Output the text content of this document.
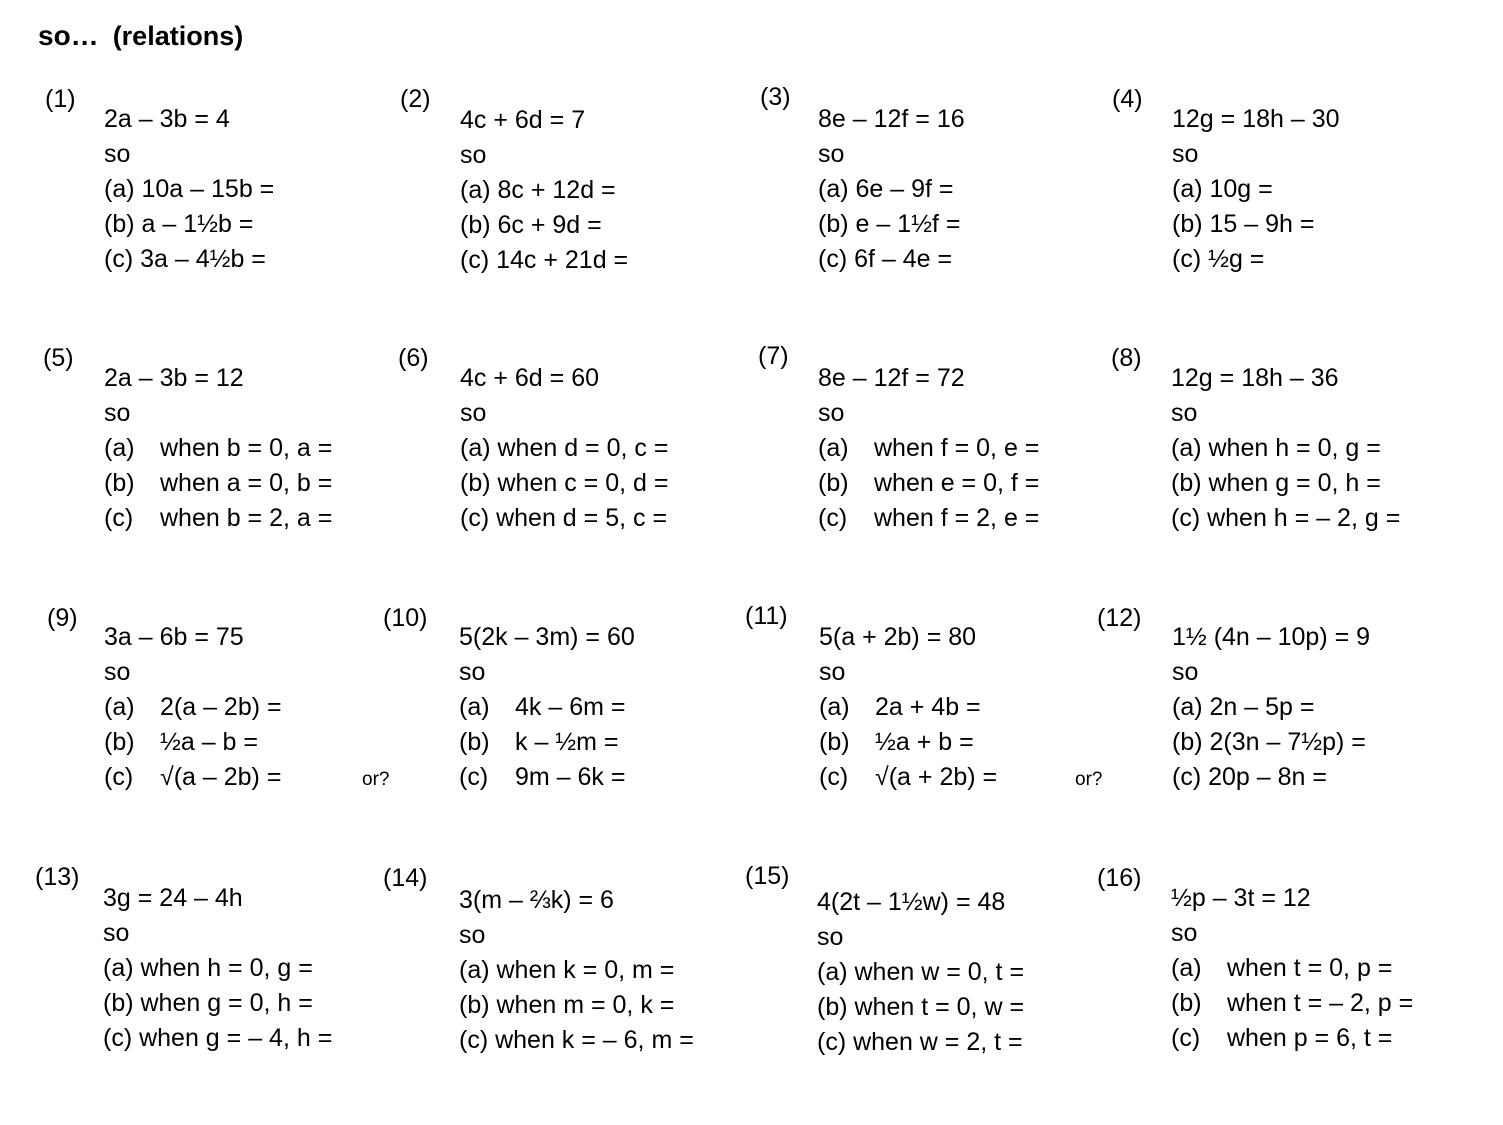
so… (relations)
(1)
2a – 3b = 4
so
(a) 10a – 15b =
(b) a – 1½b =
(c) 3a – 4½b =
(2)
4c + 6d = 7
so
(a) 8c + 12d =
(b) 6c + 9d =
(c) 14c + 21d =
(3)
8e – 12f = 16
so
(a) 6e – 9f =
(b) e – 1½f =
(c) 6f – 4e =
(4)
12g = 18h – 30
so
(a) 10g =
(b) 15 – 9h =
(c) ½g =
(5)
2a – 3b = 12
so
(a) when b = 0, a =
(b) when a = 0, b =
(c) when b = 2, a =
(6)
4c + 6d = 60
so
(a) when d = 0, c =
(b) when c = 0, d =
(c) when d = 5, c =
(7)
8e – 12f = 72
so
(a) when f = 0, e =
(b) when e = 0, f =
(c) when f = 2, e =
(8)
12g = 18h – 36
so
(a) when h = 0, g =
(b) when g = 0, h =
(c) when h = – 2, g =
(9)
3a – 6b = 75
so
(a) 2(a – 2b) =
(b) ½a – b =
(c) √(a – 2b) =	or?
(10)
5(2k – 3m) = 60
so
(a) 4k – 6m =
(b) k – ½m =
(c) 9m – 6k =
(11)
5(a + 2b) = 80
so
(a) 2a + 4b =
(b) ½a + b =
(c) √(a + 2b) =	or?
(12)
1½ (4n – 10p) = 9
so
(a) 2n – 5p =
(b) 2(3n – 7½p) =
(c) 20p – 8n =
(13)
3g = 24 – 4h
so
(a) when h = 0, g =
(b) when g = 0, h =
(c) when g = – 4, h =
(14)
3(m – ⅔k) = 6
so
(a) when k = 0, m =
(b) when m = 0, k =
(c) when k = – 6, m =
(15)
4(2t – 1½w) = 48
so
(a) when w = 0, t =
(b) when t = 0, w =
(c) when w = 2, t =
(16)
½p – 3t = 12
so
(a) when t = 0, p =
(b) when t = – 2, p =
(c) when p = 6, t =
